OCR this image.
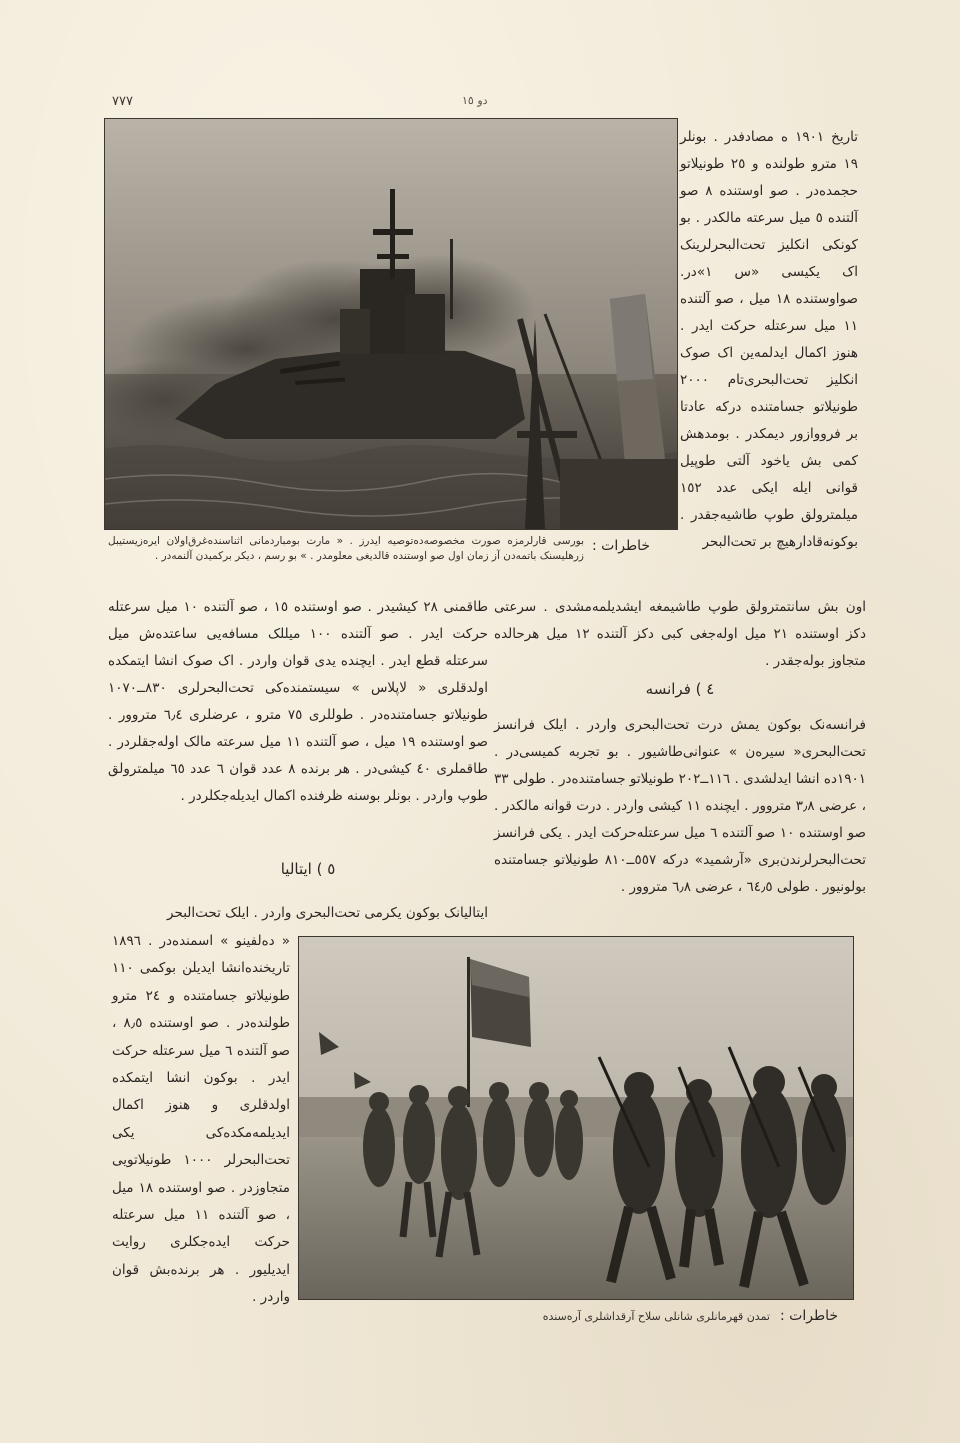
٧٧٧	دو ١٥

تاریخ ١٩٠١ ه مصادفدر . بونلر ١٩ مترو طولنده و ٢٥ طونیلاتو حجمده‌در . صو اوستنده ٨ صو آلتنده ٥ میل سرعته مالکدر . بو کونکی انکلیز تحت‌البحرلرینک اک یکیسی «س ١»در. صواوستنده ١٨ میل ، صو آلتنده ١١ میل سرعتله حرکت ایدر . هنوز اکمال ایدلمه‌ین اک صوک انکلیز تحت‌البحری‌تام ٢٠٠٠ طونیلاتو جسامتنده درکه عادتا بر فرووازور دیمکدر . بومدهش کمی بش یاخود آلتی طوپیل قوانی ایله ایکی عدد ١٥٢ میلمترولق طوپ طاشیه‌جقدر . بوکونه‌قادارهیچ بر تحت‌البحر

خاطرات :
بورسی قارلرمزه صورت مخصوصه‌ده‌توصیه ایدرز . « مارت بومباردمانی اثناسنده‌غرق‌اولان ایرەزیستیبل زرهلیسنک باتمه‌دن آز زمان اول صو اوستنده قالدیغی معلومدر . » بو رسم ، دیکر برکمیدن آلنمه‌در .

اون بش سانتمترولق طوپ طاشیمغه ایشدیلمه‌مشدی . سرعتی دکز اوستنده ٢١ میل اوله‌جغی کبی دکز آلتنده ١٢ میل هرحالده متجاوز بوله‌جقدر .

٤ ) فرانسه

فرانسه‌نک بوکون یمش درت تحت‌البحری واردر . ایلک فرانسز تحت‌البحری« سیرەن » عنوانی‌طاشیور . بو تجربه کمیسی‌در . ١٩٠١ده انشا ایدلشدی . ١١٦ــ٢٠٢ طونیلاتو جسامتنده‌در . طولی ٣٣ ، عرضی ٣٫٨ متروور . ایچنده ١١ کیشی واردر . درت قوانه مالکدر . صو اوستنده ١٠ صو آلتنده ٦ میل سرعتله‌حرکت ایدر . یکی فرانسز تحت‌البحرلرندن‌بری‌ «آرشمید» درکه ٥٥٧ــ٨١٠ طونیلاتو جسامتنده بولونیور . طولی ٦٤٫٥ ، عرضی ٦٫٨ متروور .

طاقمنی ٢٨ کیشیدر . صو اوستنده ١٥ ، صو آلتنده ١٠ میل سرعتله حرکت ایدر . صو آلتنده ١٠٠ میللک مسافه‌یی ساعتده‌ش میل سرعتله قطع ایدر . ایچنده یدی قوان واردر . اک صوک انشا ایتمکده اولدقلری « لاپلاس » سیستمنده‌کی تحت‌البحرلری ٨٣٠ــ١٠٧٠ طونیلاتو جسامتنده‌در . طوللری ٧٥ مترو ، عرضلری ٦٫٤ متروور . صو اوستنده ١٩ میل ، صو آلتنده ١١ میل سرعته مالک اوله‌جقلردر . طاقملری ٤٠ کیشی‌در . هر برنده ٨ عدد قوان ٦ عدد ٦٥ میلمترولق طوپ واردر . بونلر بوسنه ظرفنده اکمال ایدیله‌جکلردر .

٥ ) ایتالیا

ایتالیانک بوکون یکرمی تحت‌البحری واردر . ایلک تحت‌البحر

« دەلفینو » اسمنده‌در . ١٨٩٦ تاریخنده‌انشا ایدیلن بوکمی ١١٠ طونیلاتو جسامتنده و ٢٤ مترو طولنده‌در . صو اوستنده ٨٫٥ ، صو آلتنده ٦ میل سرعتله حرکت ایدر . بوکون انشا ایتمکده اولدقلری و هنوز اکمال ایدیلمه‌مکده‌کی یکی تحت‌البحرلر ١٠٠٠ طونیلاتویی متجاوزدر . صو اوستنده ١٨ میل ، صو آلتنده ١١ میل سرعتله حرکت ایده‌جکلری روایت ایدیلیور . هر برنده‌بش قوان واردر .

خاطرات :
تمدن قهرمانلری شانلی سلاح آرقداشلری آره‌سنده
